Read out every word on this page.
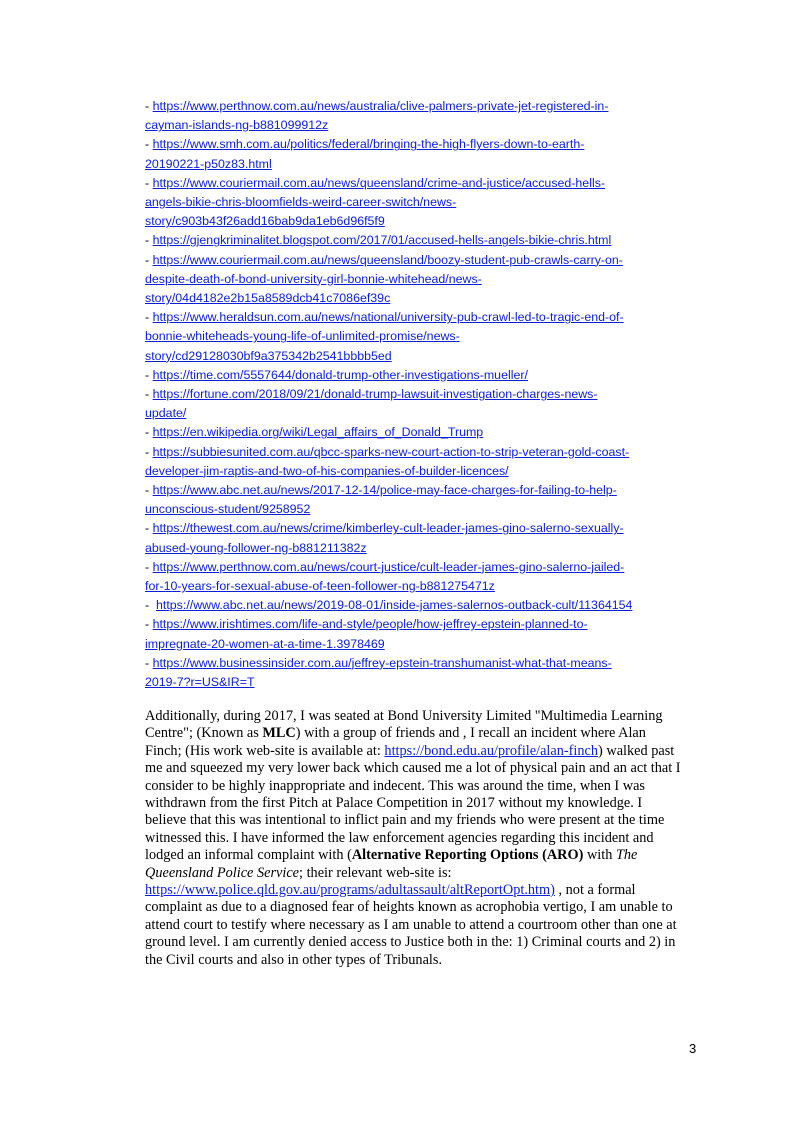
- https://www.perthnow.com.au/news/australia/clive-palmers-private-jet-registered-in-
cayman-islands-ng-b881099912z
- https://www.smh.com.au/politics/federal/bringing-the-high-flyers-down-to-earth-
20190221-p50z83.html
- https://www.couriermail.com.au/news/queensland/crime-and-justice/accused-hells-
angels-bikie-chris-bloomfields-weird-career-switch/news-
story/c903b43f26add16bab9da1eb6d96f5f9
- https://gjengkriminalitet.blogspot.com/2017/01/accused-hells-angels-bikie-chris.html
- https://www.couriermail.com.au/news/queensland/boozy-student-pub-crawls-carry-on-
despite-death-of-bond-university-girl-bonnie-whitehead/news-
story/04d4182e2b15a8589dcb41c7086ef39c
- https://www.heraldsun.com.au/news/national/university-pub-crawl-led-to-tragic-end-of-
bonnie-whiteheads-young-life-of-unlimited-promise/news-
story/cd29128030bf9a375342b2541bbbb5ed
- https://time.com/5557644/donald-trump-other-investigations-mueller/
- https://fortune.com/2018/09/21/donald-trump-lawsuit-investigation-charges-news-
update/
- https://en.wikipedia.org/wiki/Legal_affairs_of_Donald_Trump
- https://subbiesunited.com.au/qbcc-sparks-new-court-action-to-strip-veteran-gold-coast-
developer-jim-raptis-and-two-of-his-companies-of-builder-licences/
- https://www.abc.net.au/news/2017-12-14/police-may-face-charges-for-failing-to-help-
unconscious-student/9258952
- https://thewest.com.au/news/crime/kimberley-cult-leader-james-gino-salerno-sexually-
abused-young-follower-ng-b881211382z
- https://www.perthnow.com.au/news/court-justice/cult-leader-james-gino-salerno-jailed-
for-10-years-for-sexual-abuse-of-teen-follower-ng-b881275471z
-  https://www.abc.net.au/news/2019-08-01/inside-james-salernos-outback-cult/11364154
- https://www.irishtimes.com/life-and-style/people/how-jeffrey-epstein-planned-to-
impregnate-20-women-at-a-time-1.3978469
- https://www.businessinsider.com.au/jeffrey-epstein-transhumanist-what-that-means-
2019-7?r=US&IR=T
Additionally, during 2017, I was seated at Bond University Limited "Multimedia Learning
Centre"; (Known as MLC) with a group of friends and , I recall an incident where Alan
Finch; (His work web-site is available at: https://bond.edu.au/profile/alan-finch) walked past
me and squeezed my very lower back which caused me a lot of physical pain and an act that I
consider to be highly inappropriate and indecent. This was around the time, when I was
withdrawn from the first Pitch at Palace Competition in 2017 without my knowledge. I
believe that this was intentional to inflict pain and my friends who were present at the time
witnessed this. I have informed the law enforcement agencies regarding this incident and
lodged an informal complaint with (Alternative Reporting Options (ARO) with The
Queensland Police Service; their relevant web-site is:
https://www.police.qld.gov.au/programs/adultassault/altReportOpt.htm) , not a formal
complaint as due to a diagnosed fear of heights known as acrophobia vertigo, I am unable to
attend court to testify where necessary as I am unable to attend a courtroom other than one at
ground level. I am currently denied access to Justice both in the: 1) Criminal courts and 2) in
the Civil courts and also in other types of Tribunals.
3
